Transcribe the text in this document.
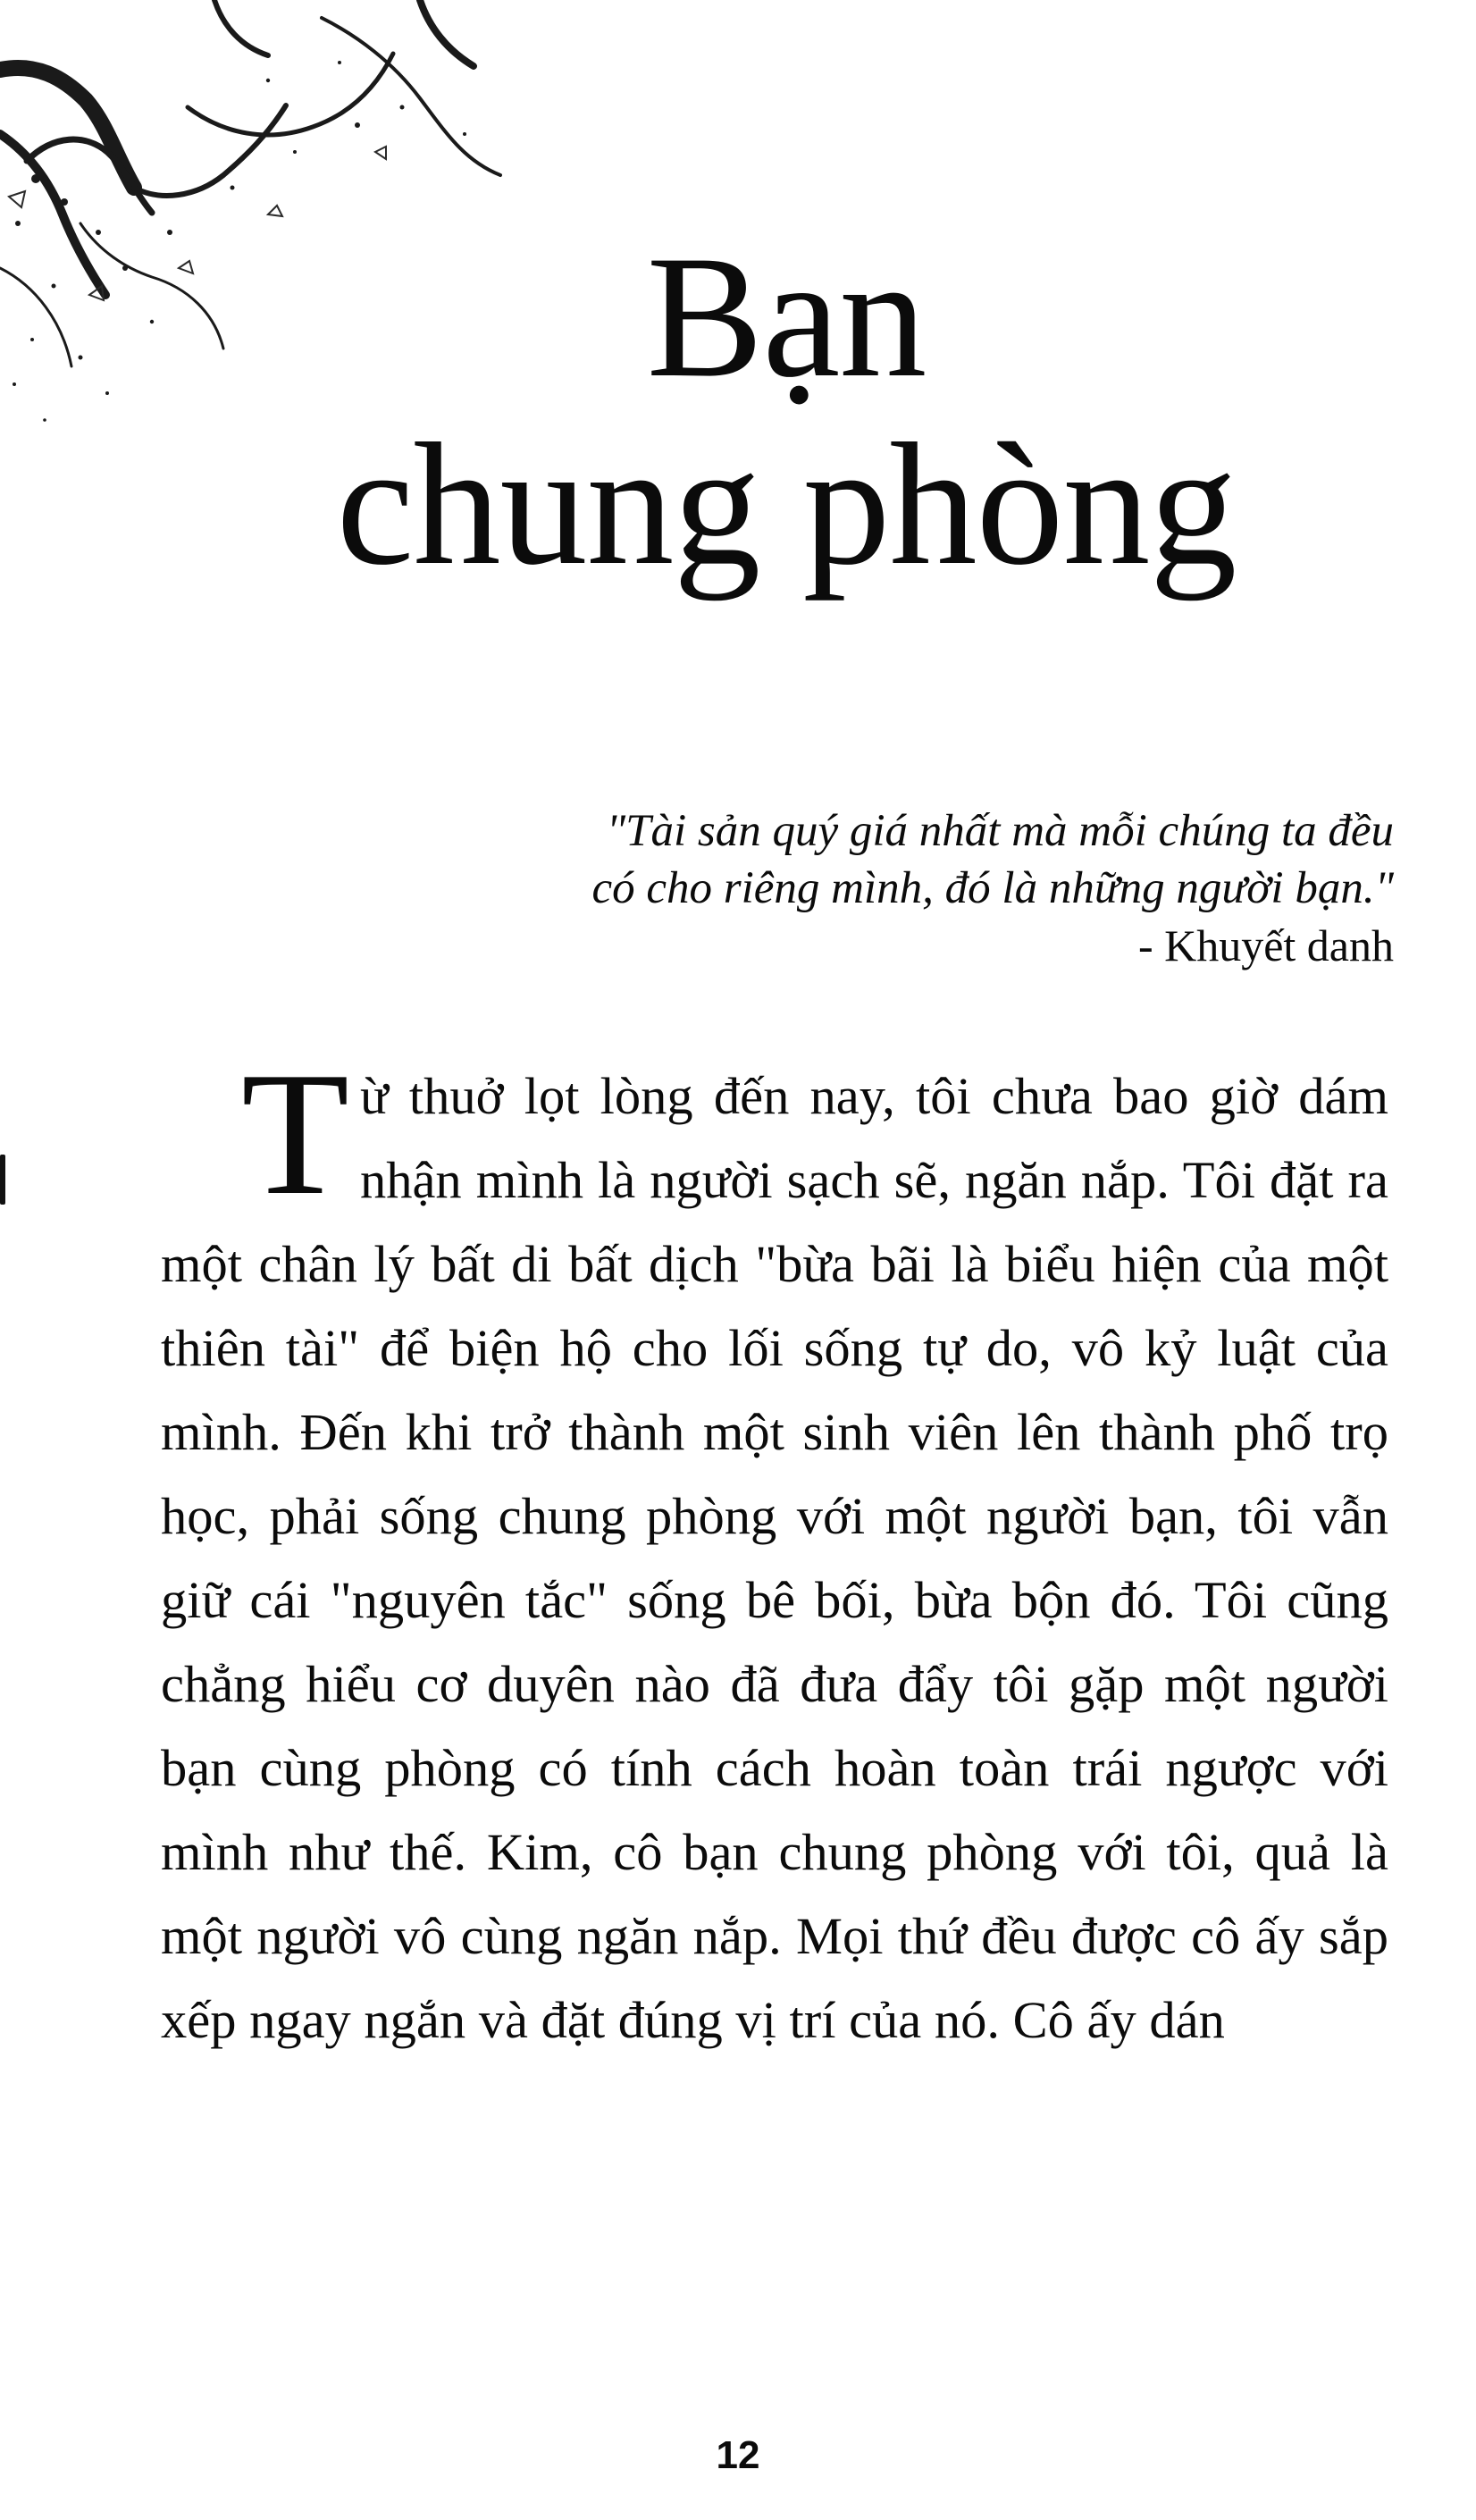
Bạn
chung phòng
"Tài sản quý giá nhất mà mỗi chúng ta đều
có cho riêng mình, đó là những người bạn."
- Khuyết danh

Từ thuở lọt lòng đến nay, tôi chưa bao giờ dám nhận mình là người sạch sẽ, ngăn nắp. Tôi đặt ra một chân lý bất di bất dịch "bừa bãi là biểu hiện của một thiên tài" để biện hộ cho lối sống tự do, vô kỷ luật của mình. Đến khi trở thành một sinh viên lên thành phố trọ học, phải sống chung phòng với một người bạn, tôi vẫn giữ cái "nguyên tắc" sống bê bối, bừa bộn đó. Tôi cũng chẳng hiểu cơ duyên nào đã đưa đẩy tôi gặp một người bạn cùng phòng có tính cách hoàn toàn trái ngược với mình như thế. Kim, cô bạn chung phòng với tôi, quả là một người vô cùng ngăn nắp. Mọi thứ đều được cô ấy sắp xếp ngay ngắn và đặt đúng vị trí của nó. Cô ấy dán

12
